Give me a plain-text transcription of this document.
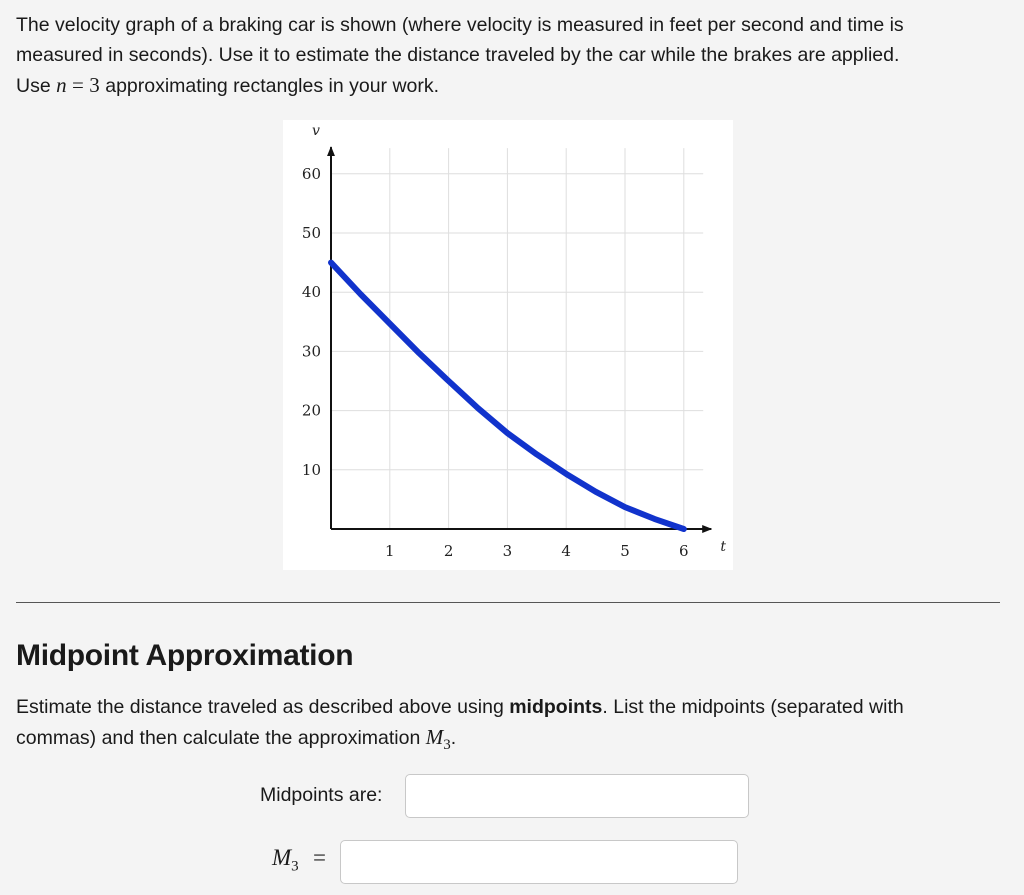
The velocity graph of a braking car is shown (where velocity is measured in feet per second and time is
measured in seconds). Use it to estimate the distance traveled by the car while the brakes are applied.
Use n = 3 approximating rectangles in your work.

1	2	3	4	5	6
10
20
30
40
50
60
t
v
Midpoint Approximation

Estimate the distance traveled as described above using midpoints. List the midpoints (separated with
commas) and then calculate the approximation $M_3$.

Midpoints are:
$M_3$ =
